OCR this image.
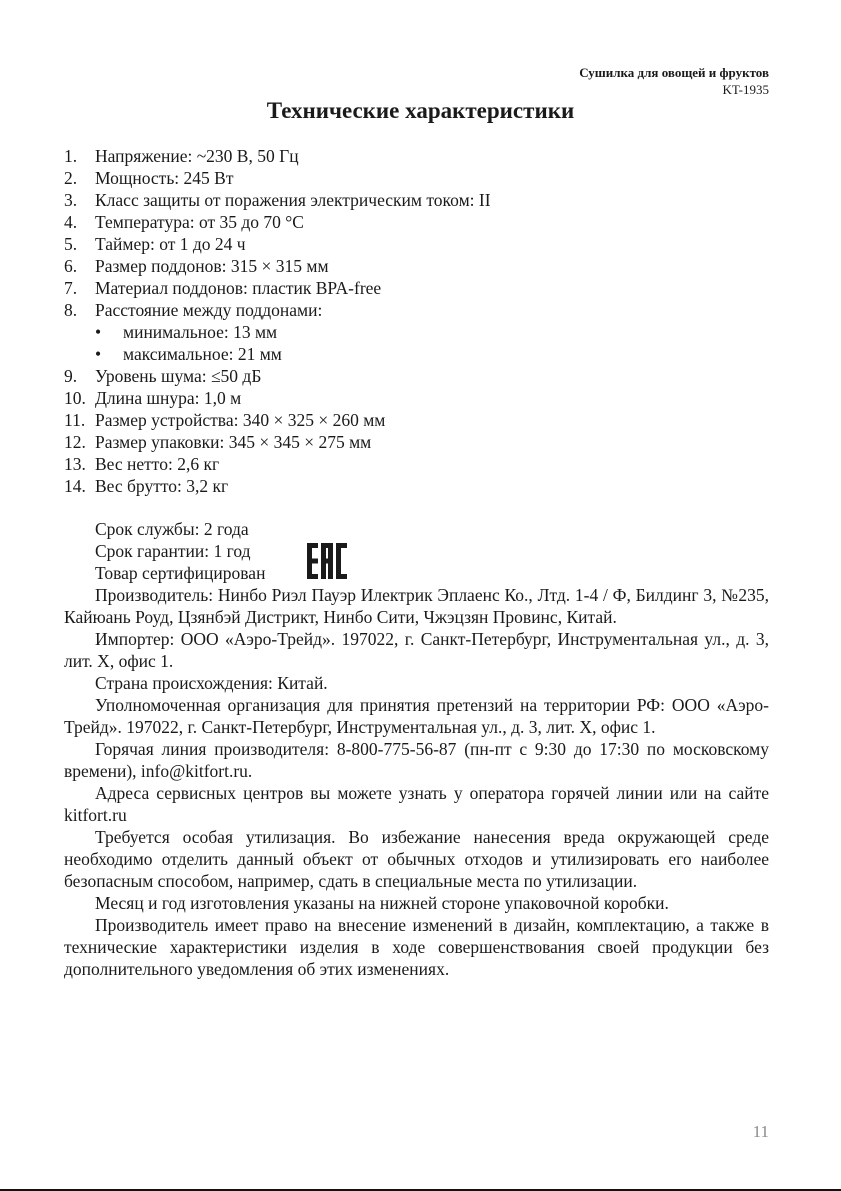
Сушилка для овощей и фруктов
KT-1935
Технические характеристики
1.	Напряжение: ~230 В, 50 Гц
2.	Мощность: 245 Вт
3.	Класс защиты от поражения электрическим током: II
4.	Температура: от 35 до 70 °С
5.	Таймер: от 1 до 24 ч
6.	Размер поддонов: 315 × 315 мм
7.	Материал поддонов: пластик BPA-free
8.	Расстояние между поддонами:
•	минимальное: 13 мм
•	максимальное: 21 мм
9.	Уровень шума: ≤50 дБ
10. Длина шнура: 1,0 м
11. Размер устройства: 340 × 325 × 260 мм
12. Размер упаковки: 345 × 345 × 275 мм
13. Вес нетто: 2,6 кг
14. Вес брутто: 3,2 кг
Срок службы: 2 года
Срок гарантии: 1 год
Товар сертифицирован

Производитель: Нинбо Риэл Пауэр Илектрик Эплаенс Ко., Лтд. 1-4 / Ф, Билдинг 3, №235, Кайюань Роуд, Цзянбэй Дистрикт, Нинбо Сити, Чжэцзян Провинс, Китай.

Импортер: ООО «Аэро-Трейд». 197022, г. Санкт-Петербург, Инструментальная ул., д. 3, лит. Х, офис 1.

Страна происхождения: Китай.

Уполномоченная организация для принятия претензий на территории РФ: ООО «Аэро-Трейд». 197022, г. Санкт-Петербург, Инструментальная ул., д. 3, лит. Х, офис 1.

Горячая линия производителя: 8-800-775-56-87 (пн-пт с 9:30 до 17:30 по московскому времени), info@kitfort.ru.

Адреса сервисных центров вы можете узнать у оператора горячей линии или на сайте kitfort.ru

Требуется особая утилизация. Во избежание нанесения вреда окружающей среде необходимо отделить данный объект от обычных отходов и утилизировать его наиболее безопасным способом, например, сдать в специальные места по утилизации.

Месяц и год изготовления указаны на нижней стороне упаковочной коробки.

Производитель имеет право на внесение изменений в дизайн, комплектацию, а также в технические характеристики изделия в ходе совершенствования своей продукции без дополнительного уведомления об этих изменениях.

11
